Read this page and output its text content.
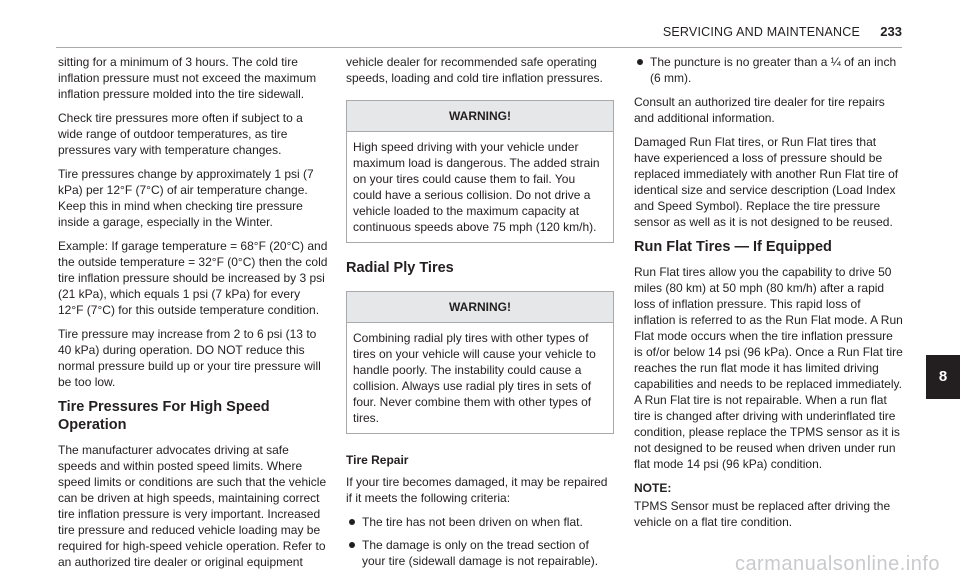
SERVICING AND MAINTENANCE 233

sitting for a minimum of 3 hours. The cold tire inflation pressure must not exceed the maximum inflation pressure molded into the tire sidewall.

Check tire pressures more often if subject to a wide range of outdoor temperatures, as tire pressures vary with temperature changes.

Tire pressures change by approximately 1 psi (7 kPa) per 12°F (7°C) of air temperature change. Keep this in mind when checking tire pressure inside a garage, especially in the Winter.

Example: If garage temperature = 68°F (20°C) and the outside temperature = 32°F (0°C) then the cold tire inflation pressure should be increased by 3 psi (21 kPa), which equals 1 psi (7 kPa) for every 12°F (7°C) for this outside temperature condition.

Tire pressure may increase from 2 to 6 psi (13 to 40 kPa) during operation. DO NOT reduce this normal pressure build up or your tire pressure will be too low.

Tire Pressures For High Speed Operation

The manufacturer advocates driving at safe speeds and within posted speed limits. Where speed limits or conditions are such that the vehicle can be driven at high speeds, maintaining correct tire inflation pressure is very important. Increased tire pressure and reduced vehicle loading may be required for high-speed vehicle operation. Refer to an authorized tire dealer or original equipment

vehicle dealer for recommended safe operating speeds, loading and cold tire inflation pressures.

WARNING!
High speed driving with your vehicle under maximum load is dangerous. The added strain on your tires could cause them to fail. You could have a serious collision. Do not drive a vehicle loaded to the maximum capacity at continuous speeds above 75 mph (120 km/h).
Radial Ply Tires
WARNING!
Combining radial ply tires with other types of tires on your vehicle will cause your vehicle to handle poorly. The instability could cause a collision. Always use radial ply tires in sets of four. Never combine them with other types of tires.
Tire Repair

If your tire becomes damaged, it may be repaired if it meets the following criteria:

The tire has not been driven on when flat.
The damage is only on the tread section of your tire (sidewall damage is not repairable).
The puncture is no greater than a ¼ of an inch (6 mm).

Consult an authorized tire dealer for tire repairs and additional information.

Damaged Run Flat tires, or Run Flat tires that have experienced a loss of pressure should be replaced immediately with another Run Flat tire of identical size and service description (Load Index and Speed Symbol). Replace the tire pressure sensor as well as it is not designed to be reused.

Run Flat Tires — If Equipped

Run Flat tires allow you the capability to drive 50 miles (80 km) at 50 mph (80 km/h) after a rapid loss of inflation pressure. This rapid loss of inflation is referred to as the Run Flat mode. A Run Flat mode occurs when the tire inflation pressure is of/or below 14 psi (96 kPa). Once a Run Flat tire reaches the run flat mode it has limited driving capabilities and needs to be replaced immediately. A Run Flat tire is not repairable. When a run flat tire is changed after driving with underinflated tire condition, please replace the TPMS sensor as it is not designed to be reused when driven under run flat mode 14 psi (96 kPa) condition.

NOTE:

TPMS Sensor must be replaced after driving the vehicle on a flat tire condition.

8
carmanualsonline.info
